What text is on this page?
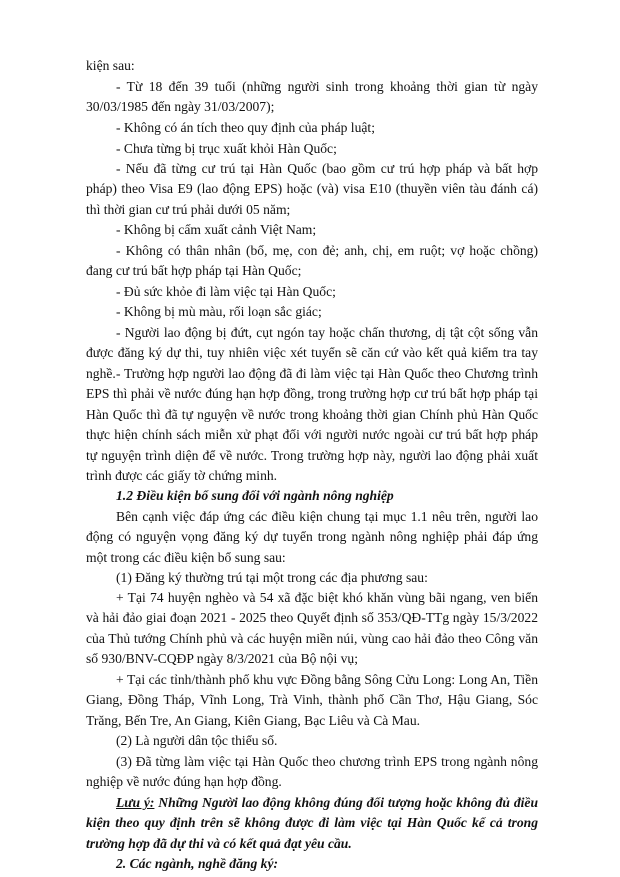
kiện sau:

- Từ 18 đến 39 tuổi (những người sinh trong khoảng thời gian từ ngày 30/03/1985 đến ngày 31/03/2007);

- Không có án tích theo quy định của pháp luật;

- Chưa từng bị trục xuất khỏi Hàn Quốc;

- Nếu đã từng cư trú tại Hàn Quốc (bao gồm cư trú hợp pháp và bất hợp pháp) theo Visa E9 (lao động EPS) hoặc (và) visa E10 (thuyền viên tàu đánh cá) thì thời gian cư trú phải dưới 05 năm;

- Không bị cấm xuất cảnh Việt Nam;

- Không có thân nhân (bố, mẹ, con đẻ; anh, chị, em ruột; vợ hoặc chồng) đang cư trú bất hợp pháp tại Hàn Quốc;

- Đủ sức khỏe đi làm việc tại Hàn Quốc;

- Không bị mù màu, rối loạn sắc giác;

- Người lao động bị đứt, cụt ngón tay hoặc chấn thương, dị tật cột sống vẫn được đăng ký dự thi, tuy nhiên việc xét tuyển sẽ căn cứ vào kết quả kiểm tra tay nghề. - Trường hợp người lao động đã đi làm việc tại Hàn Quốc theo Chương trình EPS thì phải về nước đúng hạn hợp đồng, trong trường hợp cư trú bất hợp pháp tại Hàn Quốc thì đã tự nguyện về nước trong khoảng thời gian Chính phủ Hàn Quốc thực hiện chính sách miễn xử phạt đối với người nước ngoài cư trú bất hợp pháp tự nguyện trình diện để về nước. Trong trường hợp này, người lao động phải xuất trình được các giấy tờ chứng minh.

1.2 Điều kiện bổ sung đối với ngành nông nghiệp

Bên cạnh việc đáp ứng các điều kiện chung tại mục 1.1 nêu trên, người lao động có nguyện vọng đăng ký dự tuyển trong ngành nông nghiệp phải đáp ứng một trong các điều kiện bổ sung sau:

(1) Đăng ký thường trú tại một trong các địa phương sau:

+ Tại 74 huyện nghèo và 54 xã đặc biệt khó khăn vùng bãi ngang, ven biển và hải đảo giai đoạn 2021 - 2025 theo Quyết định số 353/QĐ-TTg ngày 15/3/2022 của Thủ tướng Chính phủ và các huyện miền núi, vùng cao hải đảo theo Công văn số 930/BNV-CQĐP ngày 8/3/2021 của Bộ nội vụ;

+ Tại các tỉnh/thành phố khu vực Đồng bằng Sông Cửu Long: Long An, Tiền Giang, Đồng Tháp, Vĩnh Long, Trà Vinh, thành phố Cần Thơ, Hậu Giang, Sóc Trăng, Bến Tre, An Giang, Kiên Giang, Bạc Liêu và Cà Mau.

(2) Là người dân tộc thiểu số.

(3) Đã từng làm việc tại Hàn Quốc theo chương trình EPS trong ngành nông nghiệp về nước đúng hạn hợp đồng.

Lưu ý: Những Người lao động không đúng đối tượng hoặc không đủ điều kiện theo quy định trên sẽ không được đi làm việc tại Hàn Quốc kể cả trong trường hợp đã dự thi và có kết quả đạt yêu cầu.

2. Các ngành, nghề đăng ký:
